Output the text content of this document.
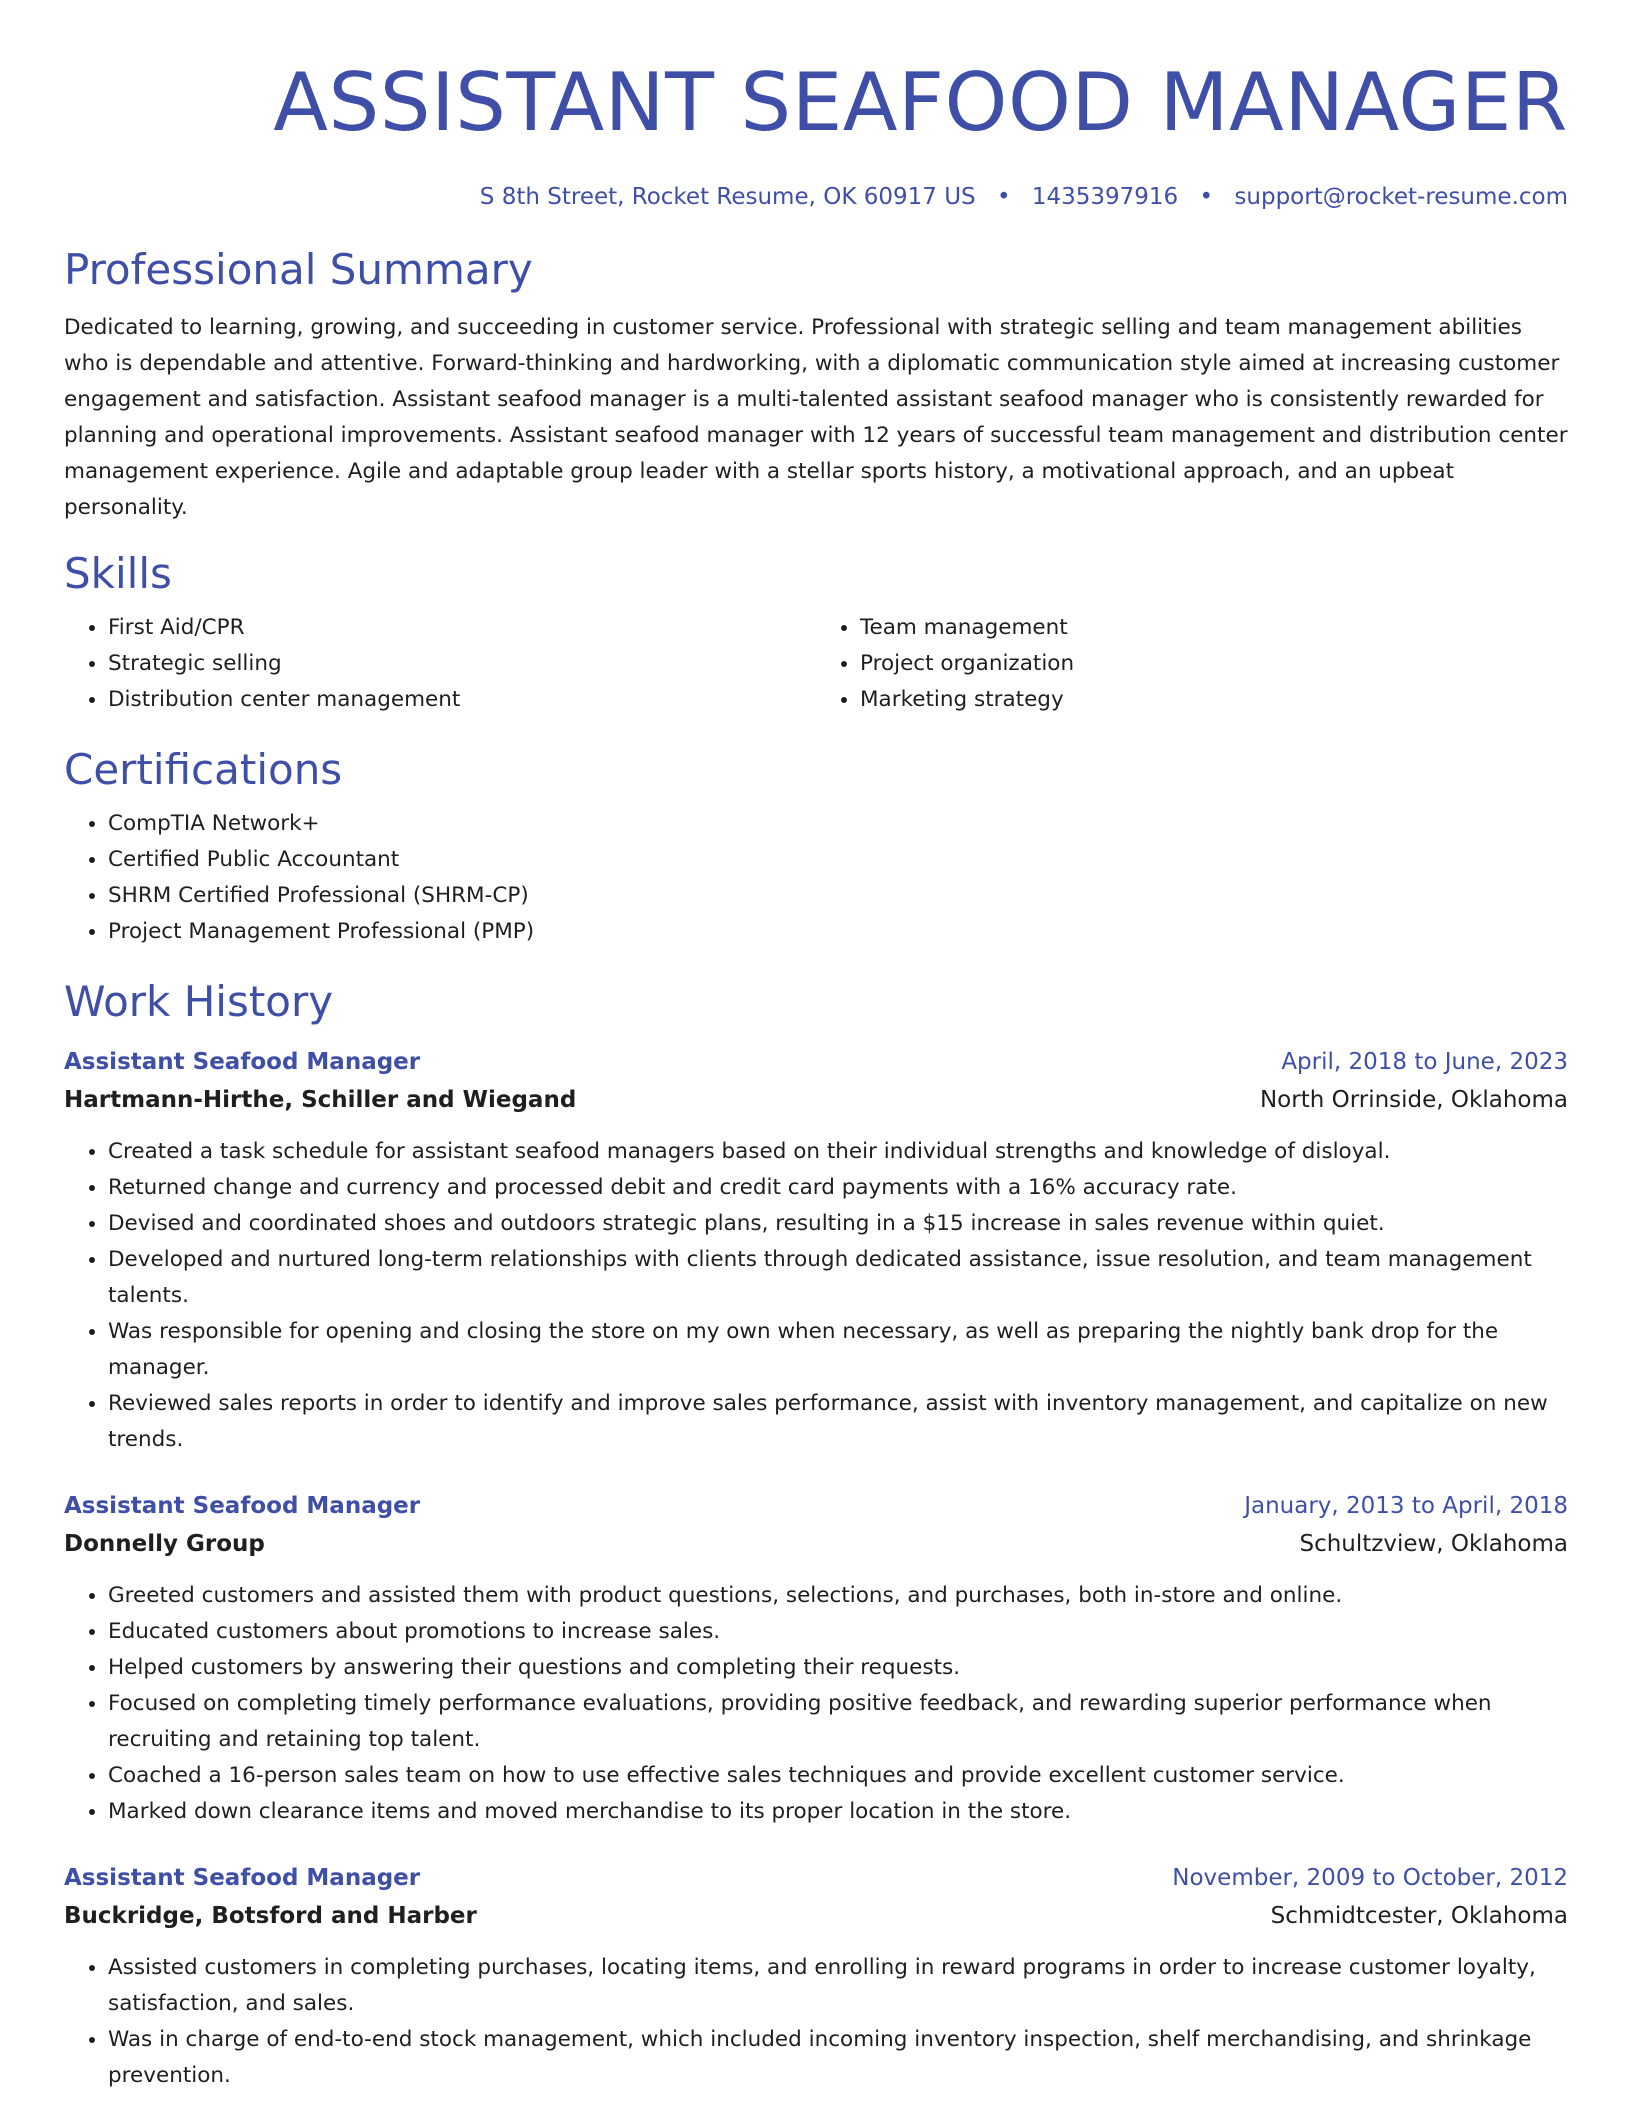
ASSISTANT SEAFOOD MANAGER
S 8th Street, Rocket Resume, OK 60917 US • 1435397916 • support@rocket-resume.com
Professional Summary

Dedicated to learning, growing, and succeeding in customer service. Professional with strategic selling and team management abilities who is dependable and attentive. Forward-thinking and hardworking, with a diplomatic communication style aimed at increasing customer engagement and satisfaction. Assistant seafood manager is a multi-talented assistant seafood manager who is consistently rewarded for planning and operational improvements. Assistant seafood manager with 12 years of successful team management and distribution center management experience. Agile and adaptable group leader with a stellar sports history, a motivational approach, and an upbeat personality.

Skills
• First Aid/CPR
• Strategic selling
• Distribution center management
• Team management
• Project organization
• Marketing strategy
Certifications
• CompTIA Network+
• Certified Public Accountant
• SHRM Certified Professional (SHRM-CP)
• Project Management Professional (PMP)
Work History
Assistant Seafood Manager	April, 2018 to June, 2023
Hartmann-Hirthe, Schiller and Wiegand	North Orrinside, Oklahoma
• Created a task schedule for assistant seafood managers based on their individual strengths and knowledge of disloyal.
• Returned change and currency and processed debit and credit card payments with a 16% accuracy rate.
• Devised and coordinated shoes and outdoors strategic plans, resulting in a $15 increase in sales revenue within quiet.
• Developed and nurtured long-term relationships with clients through dedicated assistance, issue resolution, and team management talents.
• Was responsible for opening and closing the store on my own when necessary, as well as preparing the nightly bank drop for the manager.
• Reviewed sales reports in order to identify and improve sales performance, assist with inventory management, and capitalize on new trends.
Assistant Seafood Manager	January, 2013 to April, 2018
Donnelly Group	Schultzview, Oklahoma
• Greeted customers and assisted them with product questions, selections, and purchases, both in-store and online.
• Educated customers about promotions to increase sales.
• Helped customers by answering their questions and completing their requests.
• Focused on completing timely performance evaluations, providing positive feedback, and rewarding superior performance when recruiting and retaining top talent.
• Coached a 16-person sales team on how to use effective sales techniques and provide excellent customer service.
• Marked down clearance items and moved merchandise to its proper location in the store.
Assistant Seafood Manager	November, 2009 to October, 2012
Buckridge, Botsford and Harber	Schmidtcester, Oklahoma
• Assisted customers in completing purchases, locating items, and enrolling in reward programs in order to increase customer loyalty, satisfaction, and sales.
• Was in charge of end-to-end stock management, which included incoming inventory inspection, shelf merchandising, and shrinkage prevention.
